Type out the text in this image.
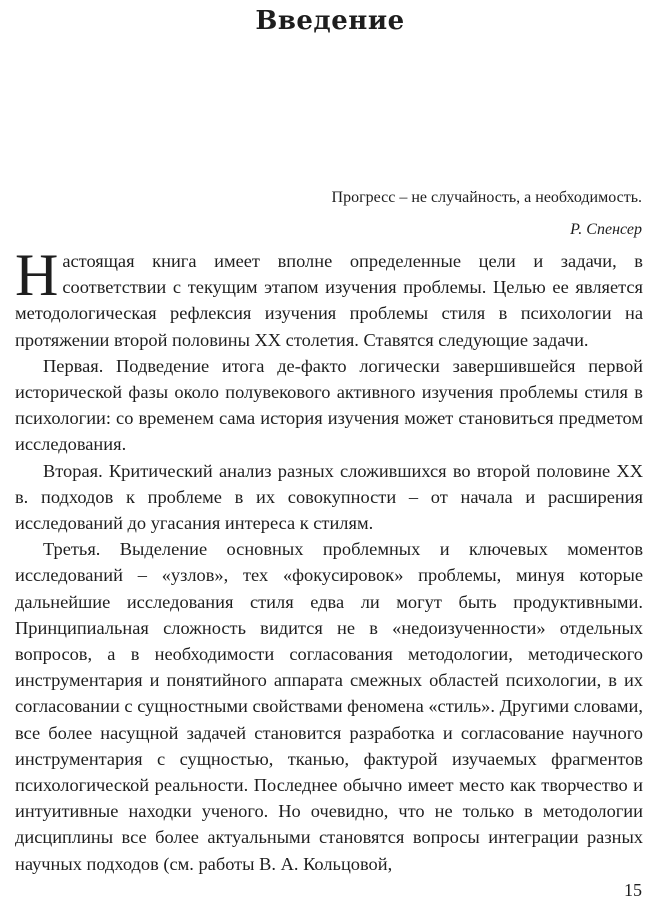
Введение
Прогресс – не случайность, а необходимость.
Р. Спенсер

Настоящая книга имеет вполне определенные цели и задачи, в соответствии с текущим этапом изучения проблемы. Целью ее является методологическая рефлексия изучения проблемы стиля в психологии на протяжении второй половины ХХ столетия. Ставятся следующие задачи.

Первая. Подведение итога де-факто логически завершившейся первой исторической фазы около полувекового активного изучения проблемы стиля в психологии: со временем сама история изучения может становиться предметом исследования.

Вторая. Критический анализ разных сложившихся во второй половине ХХ в. подходов к проблеме в их совокупности – от начала и расширения исследований до угасания интереса к стилям.

Третья. Выделение основных проблемных и ключевых моментов исследований – «узлов», тех «фокусировок» проблемы, минуя которые дальнейшие исследования стиля едва ли могут быть продуктивными. Принципиальная сложность видится не в «недоизученности» отдельных вопросов, а в необходимости согласования методологии, методического инструментария и понятийного аппарата смежных областей психологии, в их согласовании с сущностными свойствами феномена «стиль». Другими словами, все более насущной задачей становится разработка и согласование научного инструментария с сущностью, тканью, фактурой изучаемых фрагментов психологической реальности. Последнее обычно имеет место как творчество и интуитивные находки ученого. Но очевидно, что не только в методологии дисциплины все более актуальными становятся вопросы интеграции разных научных подходов (см. работы В. А. Кольцовой,

15
